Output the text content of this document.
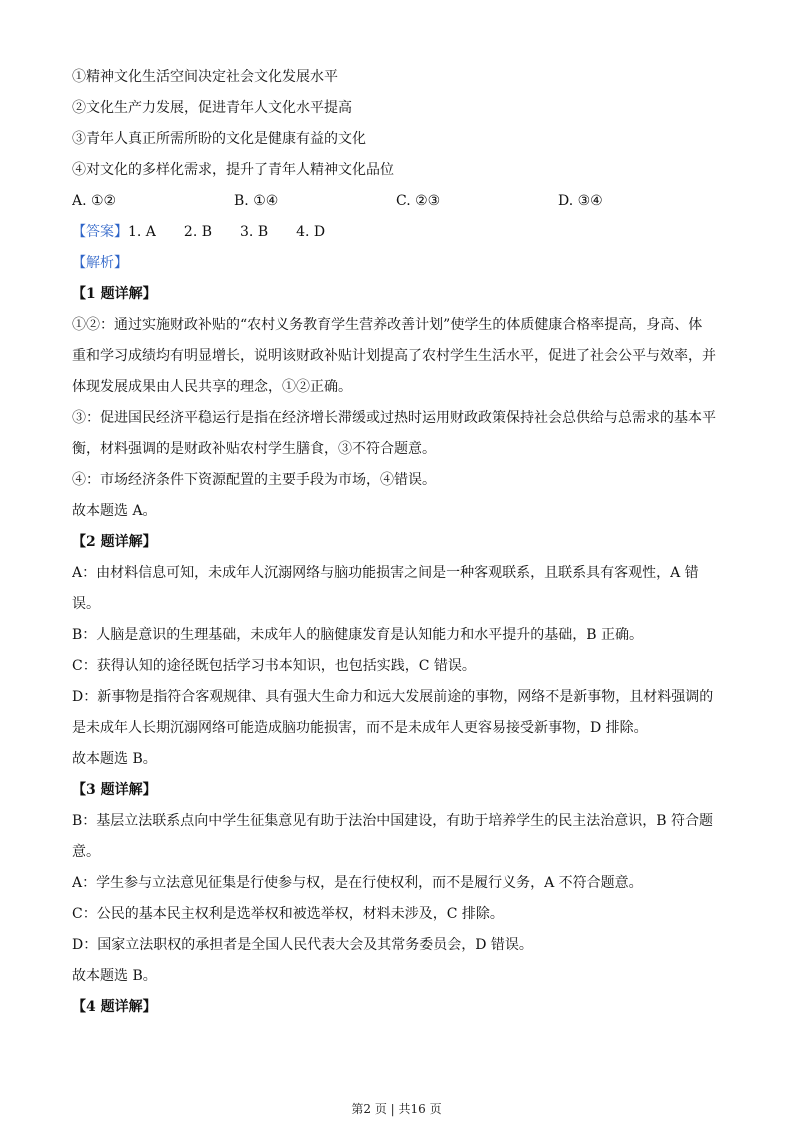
①精神文化生活空间决定社会文化发展水平
②文化生产力发展，促进青年人文化水平提高
③青年人真正所需所盼的文化是健康有益的文化
④对文化的多样化需求，提升了青年人精神文化品位
A. ①②	B. ①④	C. ②③	D. ③④
【答案】1. A　　2. B　　3. B　　4. D
【解析】
【1 题详解】
①②：通过实施财政补贴的“农村义务教育学生营养改善计划”使学生的体质健康合格率提高，身高、体
重和学习成绩均有明显增长，说明该财政补贴计划提高了农村学生生活水平，促进了社会公平与效率，并
体现发展成果由人民共享的理念，①②正确。
③：促进国民经济平稳运行是指在经济增长滞缓或过热时运用财政政策保持社会总供给与总需求的基本平
衡，材料强调的是财政补贴农村学生膳食，③不符合题意。
④：市场经济条件下资源配置的主要手段为市场，④错误。
故本题选 A。
【2 题详解】
A：由材料信息可知，未成年人沉溺网络与脑功能损害之间是一种客观联系，且联系具有客观性，A 错
误。
B：人脑是意识的生理基础，未成年人的脑健康发育是认知能力和水平提升的基础，B 正确。
C：获得认知的途径既包括学习书本知识，也包括实践，C 错误。
D：新事物是指符合客观规律、具有强大生命力和远大发展前途的事物，网络不是新事物，且材料强调的
是未成年人长期沉溺网络可能造成脑功能损害，而不是未成年人更容易接受新事物，D 排除。
故本题选 B。
【3 题详解】
B：基层立法联系点向中学生征集意见有助于法治中国建设，有助于培养学生的民主法治意识，B 符合题
意。
A：学生参与立法意见征集是行使参与权，是在行使权利，而不是履行义务，A 不符合题意。
C：公民的基本民主权利是选举权和被选举权，材料未涉及，C 排除。
D：国家立法职权的承担者是全国人民代表大会及其常务委员会，D 错误。
故本题选 B。
【4 题详解】
第2 页 | 共16 页
